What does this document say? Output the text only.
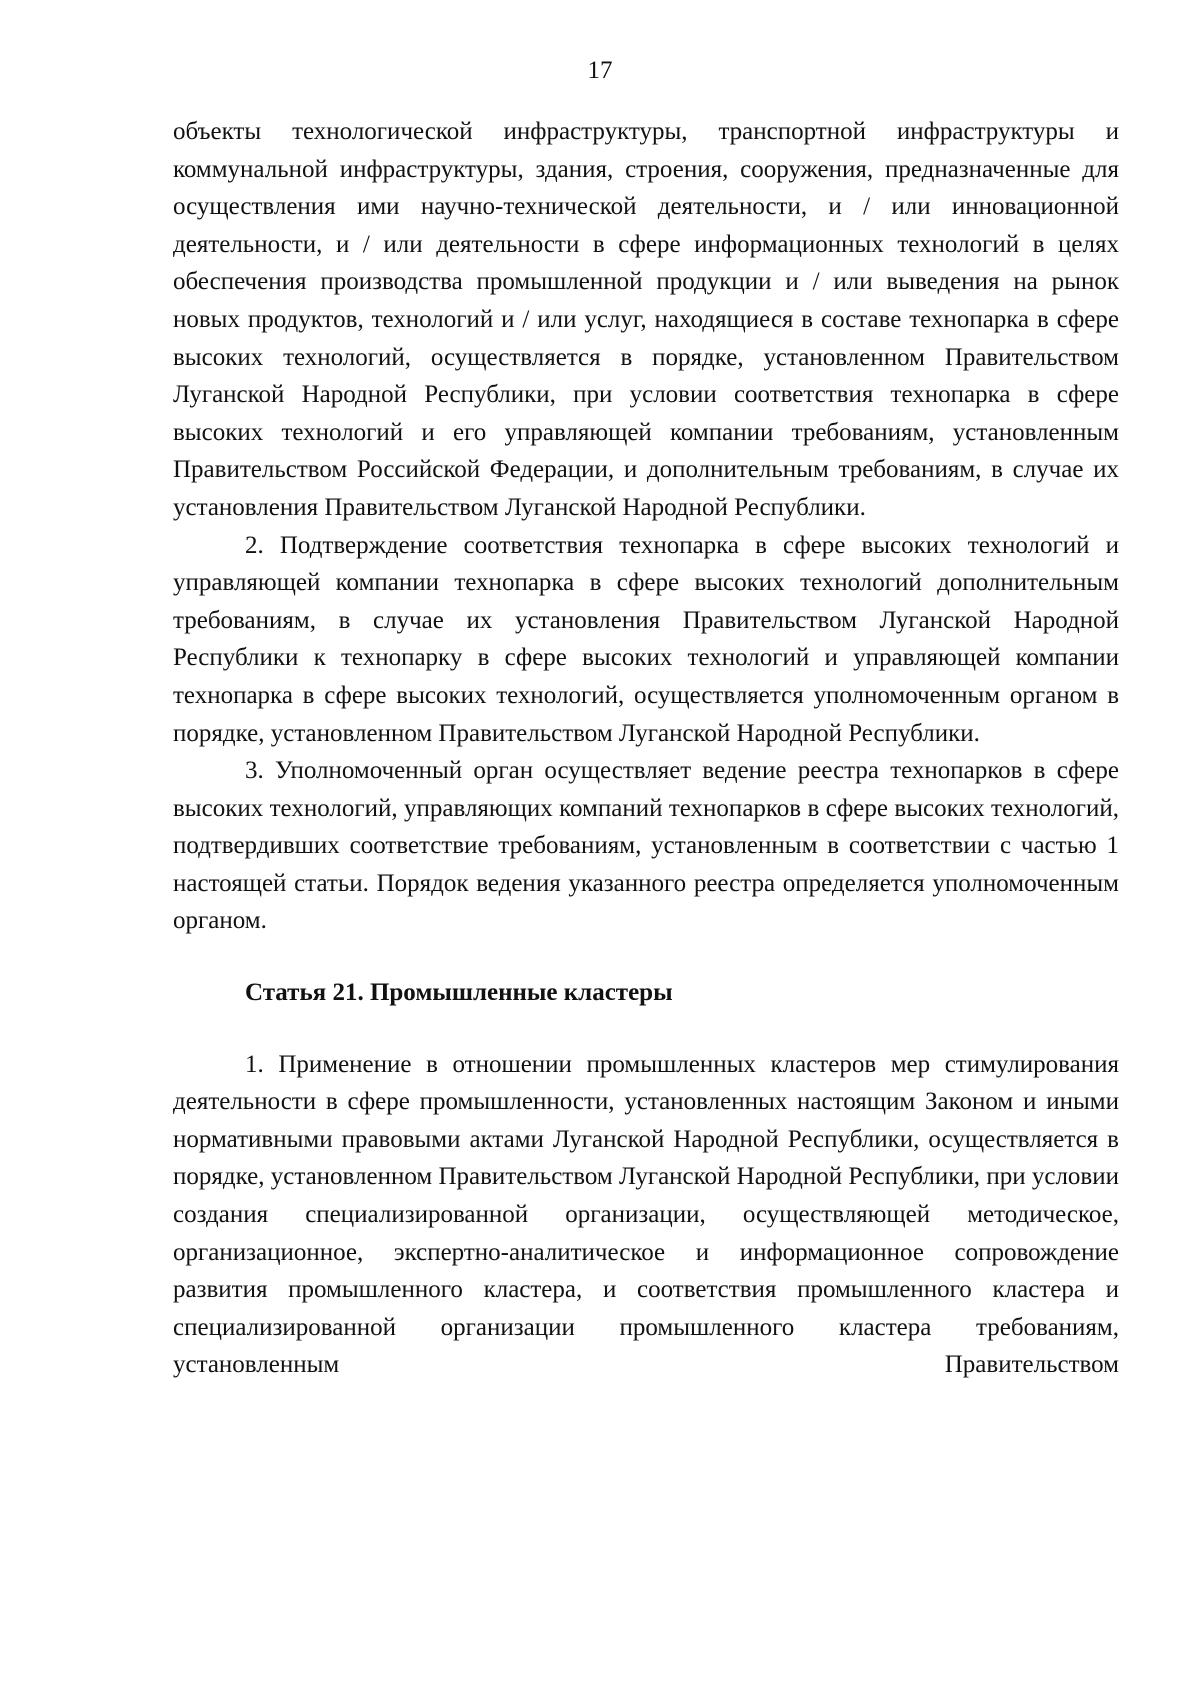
17

объекты технологической инфраструктуры, транспортной инфраструктуры и коммунальной инфраструктуры, здания, строения, сооружения, предназначенные для осуществления ими научно-технической деятельности, и / или инновационной деятельности, и / или деятельности в сфере информационных технологий в целях обеспечения производства промышленной продукции и / или выведения на рынок новых продуктов, технологий и / или услуг, находящиеся в составе технопарка в сфере высоких технологий, осуществляется в порядке, установленном Правительством Луганской Народной Республики, при условии соответствия технопарка в сфере высоких технологий и его управляющей компании требованиям, установленным Правительством Российской Федерации, и дополнительным требованиям, в случае их установления Правительством Луганской Народной Республики.

2. Подтверждение соответствия технопарка в сфере высоких технологий и управляющей компании технопарка в сфере высоких технологий дополнительным требованиям, в случае их установления Правительством Луганской Народной Республики к технопарку в сфере высоких технологий и управляющей компании технопарка в сфере высоких технологий, осуществляется уполномоченным органом в порядке, установленном Правительством Луганской Народной Республики.

3. Уполномоченный орган осуществляет ведение реестра технопарков в сфере высоких технологий, управляющих компаний технопарков в сфере высоких технологий, подтвердивших соответствие требованиям, установленным в соответствии с частью 1 настоящей статьи. Порядок ведения указанного реестра определяется уполномоченным органом.

Статья 21. Промышленные кластеры

1. Применение в отношении промышленных кластеров мер стимулирования деятельности в сфере промышленности, установленных настоящим Законом и иными нормативными правовыми актами Луганской Народной Республики, осуществляется в порядке, установленном Правительством Луганской Народной Республики, при условии создания специализированной организации, осуществляющей методическое, организационное, экспертно-аналитическое и информационное сопровождение развития промышленного кластера, и соответствия промышленного кластера и специализированной организации промышленного кластера требованиям, установленным Правительством
